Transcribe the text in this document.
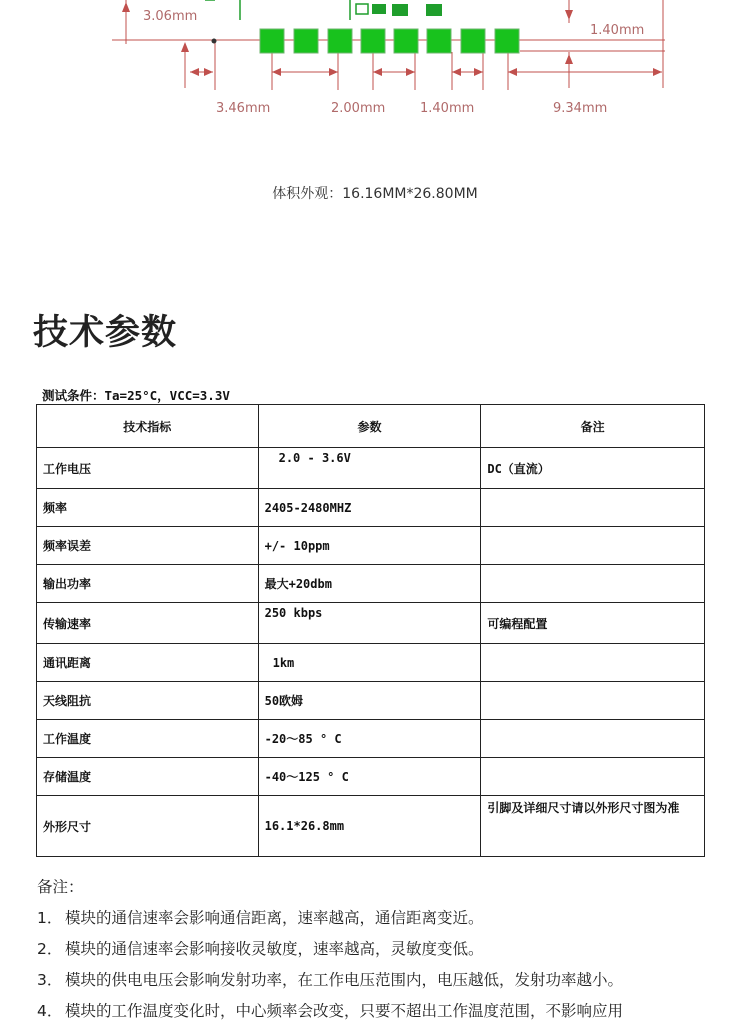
3.06mm
1.40mm
3.46mm	2.00mm	1.40mm	9.34mm
体积外观：16.16MM*26.80MM
技术参数
测试条件：Ta=25°C，VCC=3.3V
技术指标	参数	备注
工作电压	2.0 - 3.6V	DC（直流）
频率	2405-2480MHZ	
频率误差	+/- 10ppm	
输出功率	最大+20dbm	
传输速率	250 kbps	可编程配置
通讯距离	1km	
天线阻抗	50欧姆	
工作温度	-20～85 ° C	
存储温度	-40～125 ° C	
外形尺寸	16.1*26.8mm	引脚及详细尺寸请以外形尺寸图为准

备注：

1． 模块的通信速率会影响通信距离，速率越高，通信距离变近。
2． 模块的通信速率会影响接收灵敏度，速率越高，灵敏度变低。
3． 模块的供电电压会影响发射功率，在工作电压范围内，电压越低，发射功率越小。
4． 模块的工作温度变化时，中心频率会改变，只要不超出工作温度范围，不影响应用
